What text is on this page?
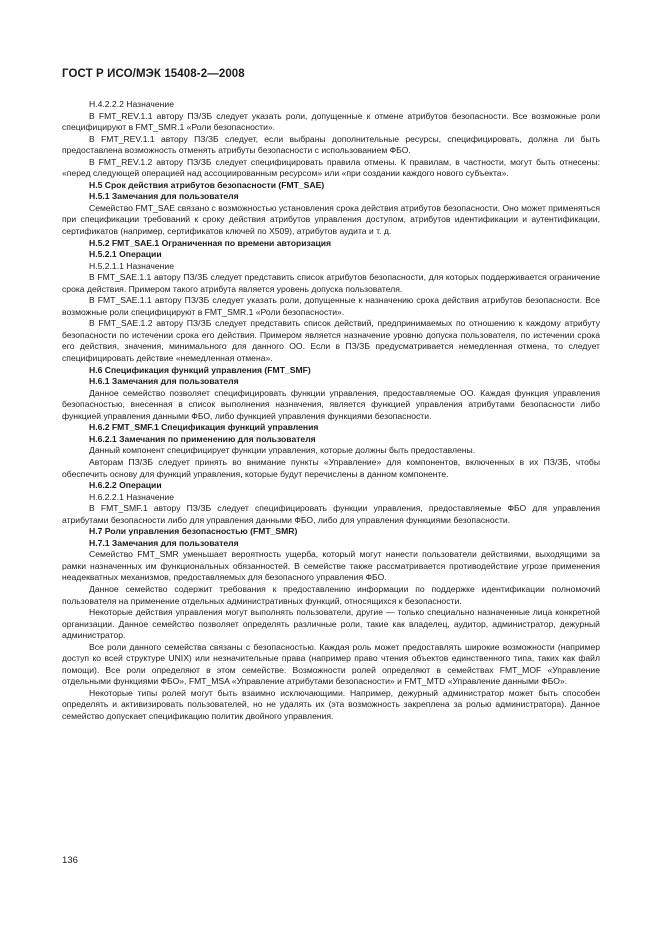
ГОСТ Р ИСО/МЭК 15408-2—2008

Н.4.2.2.2 Назначение

В FMT_REV.1.1 автору ПЗ/ЗБ следует указать роли, допущенные к отмене атрибутов безопасности. Все возможные роли специфицируют в FMT_SMR.1 «Роли безопасности».

В FMT_REV.1.1 автору ПЗ/ЗБ следует, если выбраны дополнительные ресурсы, специфицировать, должна ли быть предоставлена возможность отменять атрибуты безопасности с использованием ФБО.

В FMT_REV.1.2 автору ПЗ/ЗБ следует специфицировать правила отмены. К правилам, в частности, могут быть отнесены: «перед следующей операцией над ассоциированным ресурсом» или «при создании каждого нового субъекта».

Н.5 Срок действия атрибутов безопасности (FMT_SAE)

Н.5.1 Замечания для пользователя

Семейство FMT_SAE связано с возможностью установления срока действия атрибутов безопасности. Оно может применяться при спецификации требований к сроку действия атрибутов управления доступом, атрибутов идентификации и аутентификации, сертификатов (например, сертификатов ключей по X509), атрибутов аудита и т. д.

Н.5.2 FMT_SAE.1 Ограниченная по времени авторизация

Н.5.2.1 Операции

Н.5.2.1.1 Назначение

В FMT_SAE.1.1 автору ПЗ/ЗБ следует представить список атрибутов безопасности, для которых поддерживается ограничение срока действия. Примером такого атрибута является уровень допуска пользователя.

В FMT_SAE.1.1 автору ПЗ/ЗБ следует указать роли, допущенные к назначению срока действия атрибутов безопасности. Все возможные роли специфицируют в FMT_SMR.1 «Роли безопасности».

В FMT_SAE.1.2 автору ПЗ/ЗБ следует представить список действий, предпринимаемых по отношению к каждому атрибуту безопасности по истечении срока его действия. Примером является назначение уровню допуска пользователя, по истечении срока его действия, значения, минимального для данного ОО. Если в ПЗ/ЗБ предусматривается немедленная отмена, то следует специфицировать действие «немедленная отмена».

Н.6 Спецификация функций управления (FMT_SMF)

Н.6.1 Замечания для пользователя

Данное семейство позволяет специфицировать функции управления, предоставляемые ОО. Каждая функция управления безопасностью, внесенная в список выполнения назначения, является функцией управления атрибутами безопасности либо функцией управления данными ФБО, либо функцией управления функциями безопасности.

Н.6.2 FMT_SMF.1 Спецификация функций управления

Н.6.2.1 Замечания по применению для пользователя

Данный компонент специфицирует функции управления, которые должны быть предоставлены.

Авторам ПЗ/ЗБ следует принять во внимание пункты «Управление» для компонентов, включенных в их ПЗ/ЗБ, чтобы обеспечить основу для функций управления, которые будут перечислены в данном компоненте.

Н.6.2.2 Операции

Н.6.2.2.1 Назначение

В FMT_SMF.1 автору ПЗ/ЗБ следует специфицировать функции управления, предоставляемые ФБО для управления атрибутами безопасности либо для управления данными ФБО, либо для управления функциями безопасности.

Н.7 Роли управления безопасностью (FMT_SMR)

Н.7.1 Замечания для пользователя

Семейство FMT_SMR уменьшает вероятность ущерба, который могут нанести пользователи действиями, выходящими за рамки назначенных им функциональных обязанностей. В семействе также рассматривается противодействие угрозе применения неадекватных механизмов, предоставляемых для безопасного управления ФБО.

Данное семейство содержит требования к предоставлению информации по поддержке идентификации полномочий пользователя на применение отдельных административных функций, относящихся к безопасности.

Некоторые действия управления могут выполнять пользователи, другие — только специально назначенные лица конкретной организации. Данное семейство позволяет определять различные роли, такие как владелец, аудитор, администратор, дежурный администратор.

Все роли данного семейства связаны с безопасностью. Каждая роль может предоставлять широкие возможности (например доступ ко всей структуре UNIX) или незначительные права (например право чтения объектов единственного типа, таких как файл помощи). Все роли определяют в этом семействе. Возможности ролей определяют в семействах FMT_MOF «Управление отдельными функциями ФБО», FMT_MSA «Управление атрибутами безопасности» и FMT_MTD «Управление данными ФБО».

Некоторые типы ролей могут быть взаимно исключающими. Например, дежурный администратор может быть способен определять и активизировать пользователей, но не удалять их (эта возможность закреплена за ролью администратора). Данное семейство допускает спецификацию политик двойного управления.

136
